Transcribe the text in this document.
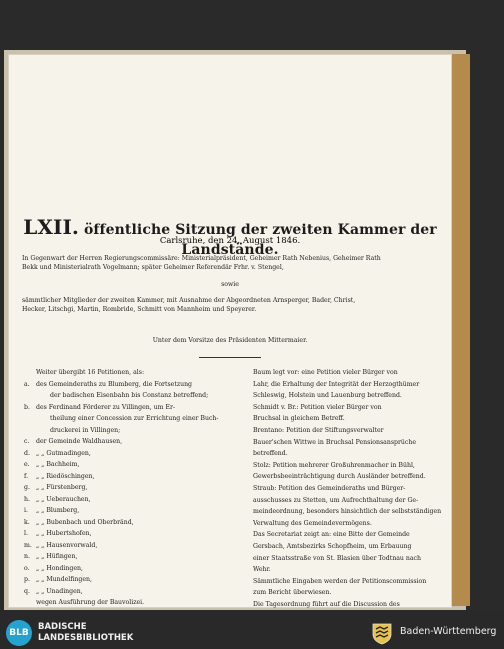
LXII. öffentliche Sitzung der zweiten Kammer der Landstände.
Carlsruhe, den 24. August 1846.
In Gegenwart der Herren Regierungscommissäre: Ministerialpräsident, Geheimer Rath Nebenius, Geheimer Rath
Bekk und Ministerialrath Vogelmann; später Geheimer Referendär Frhr. v. Stengel,
sowie
sämmtlicher Mitglieder der zweiten Kammer, mit Ausnahme der Abgeordneten Arnsperger, Bader, Christ,
Hecker, Litschgi, Martin, Rombride, Schmitt von Mannheim und Speyerer.
Unter dem Vorsitze des Präsidenten Mittermaier.
Weiter übergibt 16 Petitionen, als:
a.	des Gemeinderaths zu Blumberg, die Fortsetzung
der badischen Eisenbahn bis Constanz betreffend;
b. des Ferdinand Förderer zu Villingen, um Er-
theilung einer Concession zur Errichtung einer Buch-
druckerei in Villingen;
c.	der Gemeinde Waldhausen,
d. „ „ Gutmadingen,
e.	„ „ Bachheim,
f.	„ „ Riedöschingen,
g. „ „ Fürstenberg,
h. „ „ Ueberauchen,
i.	„ „ Blumberg,
k.	„ „ Bubenbach und Oberbränd,
l.	„ „ Hubertshofen,
m. „ „ Hausenvorwald,
n. „ „ Hüfingen,
o.	„ „ Hondingen,
p. „ „ Mundelfingen,
q. „ „ Unadingen,
wegen Ausführung der Bauvolizei.
Baum legt vor: eine Petition vieler Bürger von
Lahr, die Erhaltung der Integrität der Herzogthümer
Schleswig, Holstein und Lauenburg betreffend.
Schmidt v. Br.: Petition vieler Bürger von
Bruchsal in gleichem Betreff.
Brentano: Petition der Stiftungsverwalter
Bauer'schen Wittwe in Bruchsal Pensionsansprüche
betreffend.
Stolz: Petition mehrerer Großuhrenmacher in Bühl,
Gewerbsbeeinträchtigung durch Ausländer betreffend.
Straub: Petition des Gemeinderaths und Bürger-
ausschusses zu Stetten, um Aufrechthaltung der Ge-
meindeordnung, besonders hinsichtlich der selbstständigen
Verwaltung des Gemeindevermögens.
Das Secretariat zeigt an: eine Bitte der Gemeinde
Gersbach, Amtsbezirks Schopfheim, um Erbauung
einer Staatsstraße von St. Blasien über Todtnau nach
Wehr.
Sämmtliche Eingaben werden der Petitionscommission
zum Bericht überwiesen.
Die Tagesordnung führt auf die Discussion des
BLB
BADISCHE
LANDESBIBLIOTHEK
Baden-Württemberg
